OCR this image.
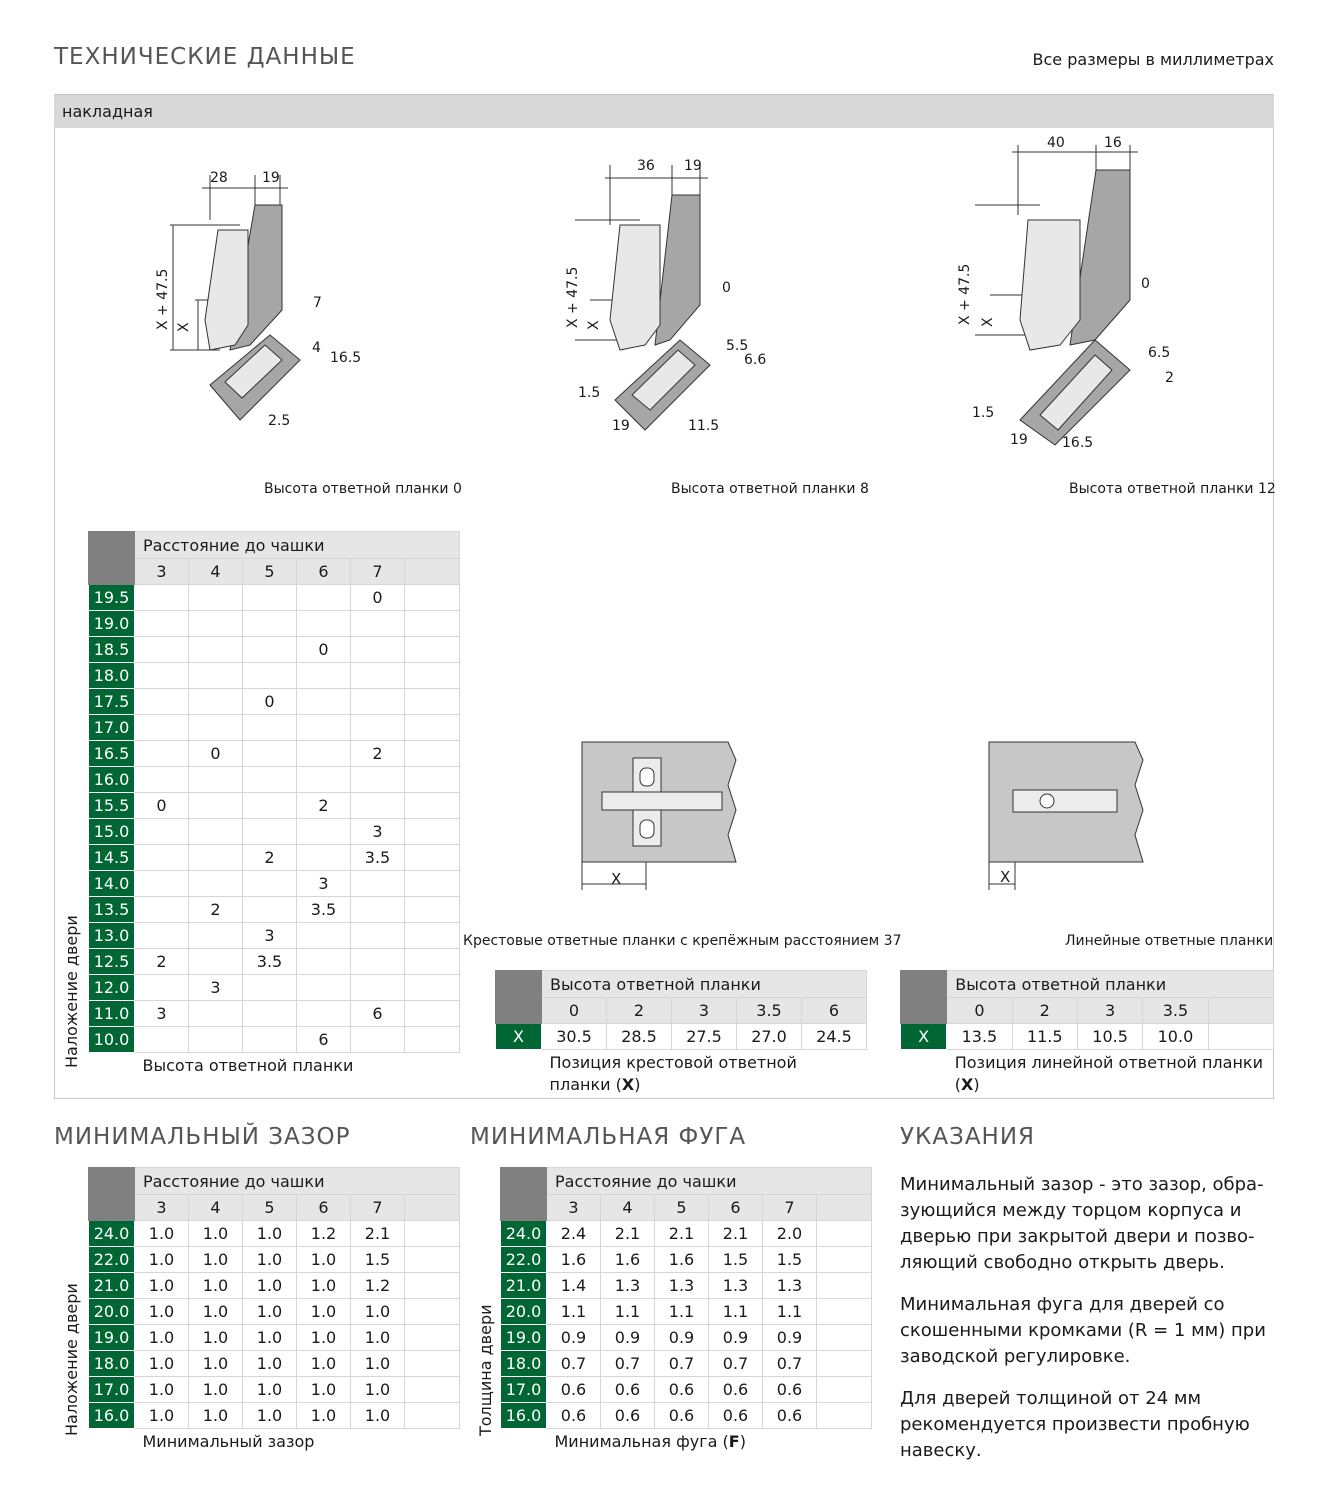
ТЕХНИЧЕСКИЕ ДАННЫЕ	Все размеры в миллиметрах
накладная
28 19
X + 47.5 X
7
4
16.5
2.5
Высота ответной планки 0
36 19
X + 47.5 X
0
5.5
6.6
11.5
1.5
19
Высота ответной планки 8
40	16
X + 47.5 X
0
6.5
2
16.5
1.5
19
Высота ответной планки 12
	Расстояние до чашки					
	3	4	5	6	7	
19.5					0	
19.0						
18.5				0		
18.0						
17.5			0			
17.0						
16.5		0			2	
16.0						
15.5	0			2		
15.0					3	
14.5			2		3.5	
14.0				3		
13.5		2		3.5		
13.0			3			
12.5	2		3.5			
12.0		3				
11.0	3				6	
10.0				6		
	Высота ответной планки					
Наложение двери
X
Крестовые ответные планки с крепёжным расстоянием 37
X
Линейные ответные планки
	Высота ответной планки				
	0	2	3	3.5	6
X	30.5	28.5	27.5	27.0	24.5
	Позиция крестовой ответной
планки (X)				
	Высота ответной планки				
	0	2	3	3.5	
X	13.5	11.5	10.5	10.0	
	Позиция линейной ответной планки
(X)				
МИНИМАЛЬНЫЙ ЗАЗОР	МИНИМАЛЬНАЯ ФУГА	УКАЗАНИЯ
	Расстояние до чашки					
	3	4	5	6	7	
24.0	1.0	1.0	1.0	1.2	2.1	
22.0	1.0	1.0	1.0	1.0	1.5	
21.0	1.0	1.0	1.0	1.0	1.2	
20.0	1.0	1.0	1.0	1.0	1.0	
19.0	1.0	1.0	1.0	1.0	1.0	
18.0	1.0	1.0	1.0	1.0	1.0	
17.0	1.0	1.0	1.0	1.0	1.0	
16.0	1.0	1.0	1.0	1.0	1.0	
	Минимальный зазор					
Наложение двери
	Расстояние до чашки					
	3	4	5	6	7	
24.0	2.4	2.1	2.1	2.1	2.0	
22.0	1.6	1.6	1.6	1.5	1.5	
21.0	1.4	1.3	1.3	1.3	1.3	
20.0	1.1	1.1	1.1	1.1	1.1	
19.0	0.9	0.9	0.9	0.9	0.9	
18.0	0.7	0.7	0.7	0.7	0.7	
17.0	0.6	0.6	0.6	0.6	0.6	
16.0	0.6	0.6	0.6	0.6	0.6	
	Минимальная фуга (F)					
Толщина двери

Минимальный зазор - это зазор, обра-
зующийся между торцом корпуса и
дверью при закрытой двери и позво-
ляющий свободно открыть дверь.

Минимальная фуга для дверей со
скошенными кромками (R = 1 мм) при
заводской регулировке.

Для дверей толщиной от 24 мм
рекомендуется произвести пробную
навеску.
